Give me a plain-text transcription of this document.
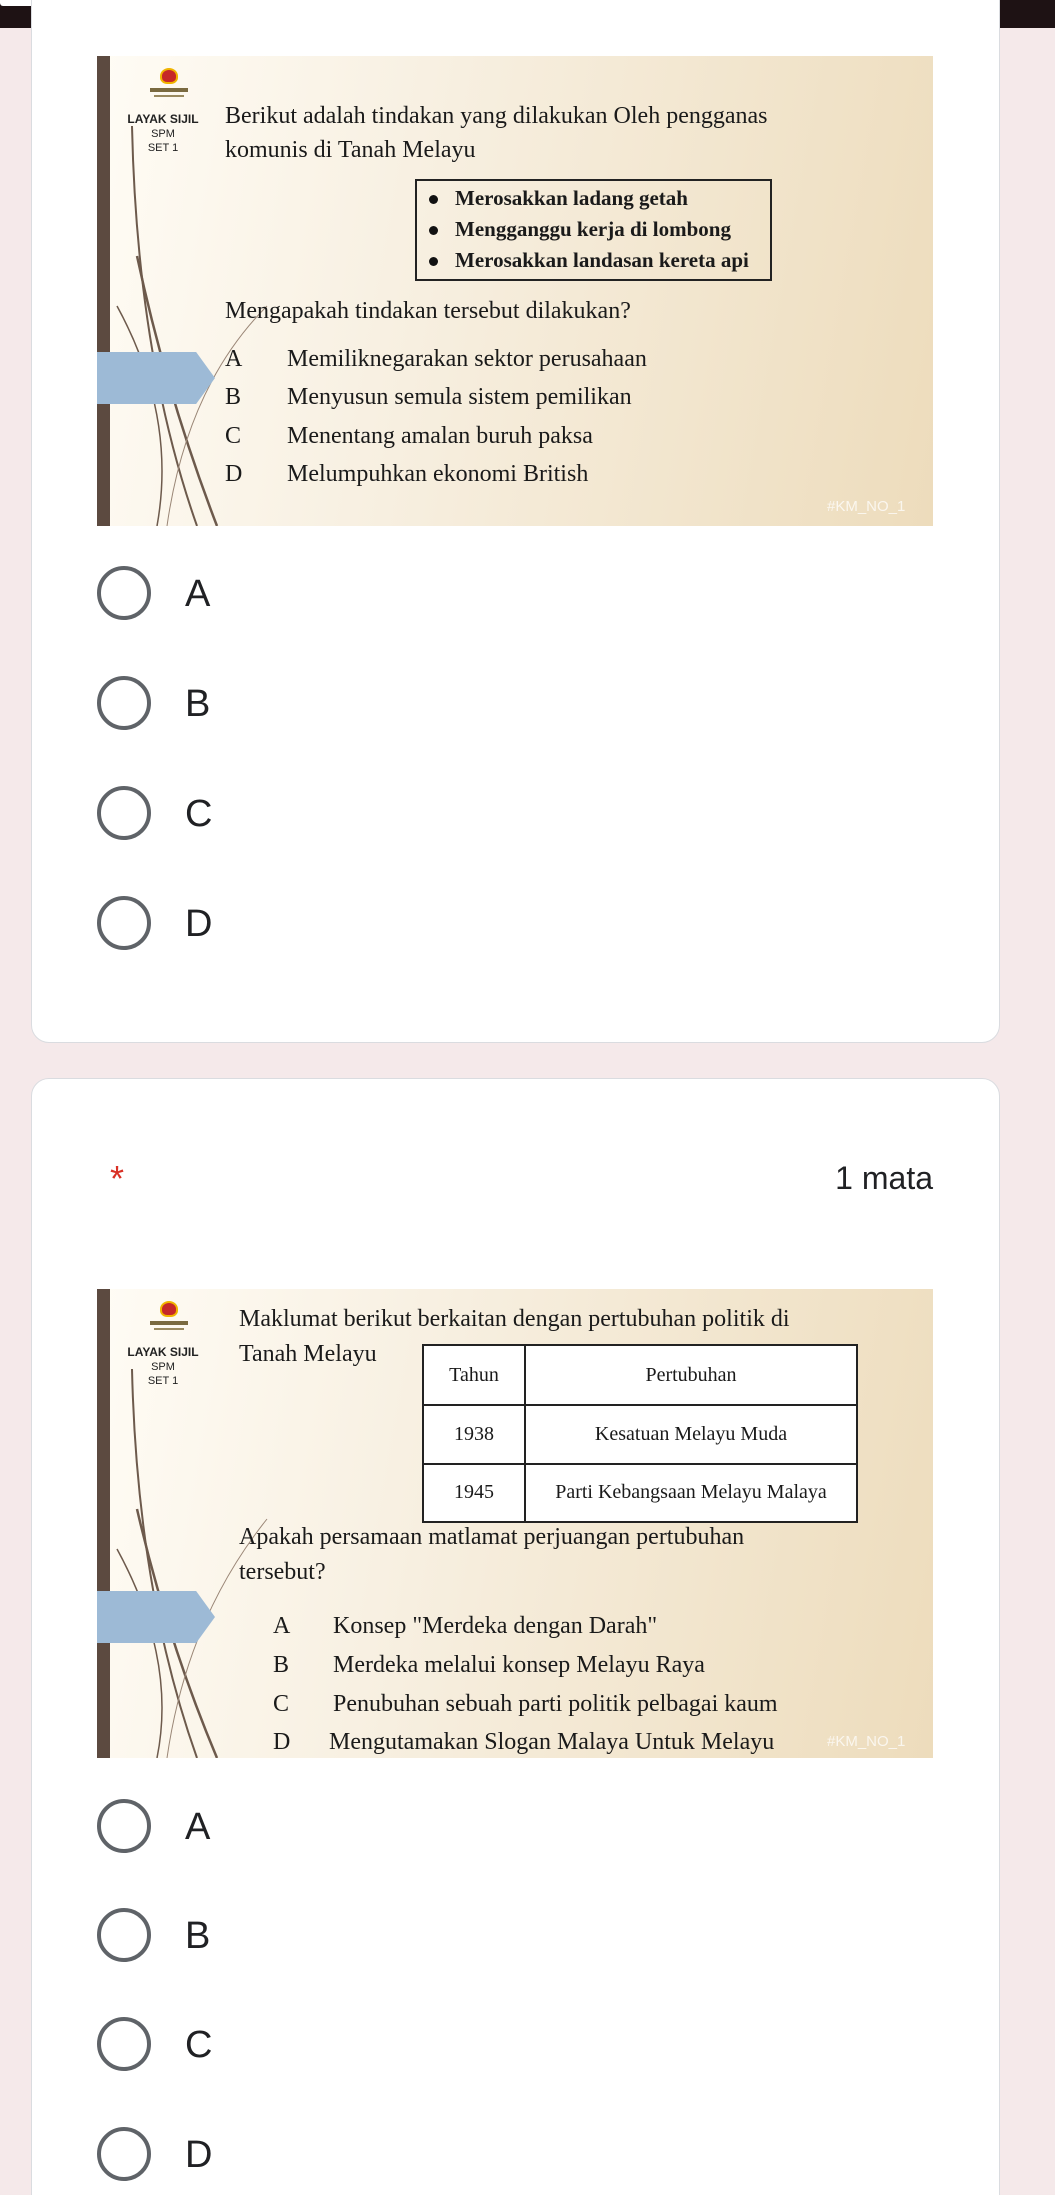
LAYAK SIJIL
SPM
SET 1
Berikut adalah tindakan yang dilakukan Oleh pengganas
komunis di Tanah Melayu
Merosakkan ladang getah
Mengganggu kerja di lombong
Merosakkan landasan kereta api
Mengapakah tindakan tersebut dilakukan?
A Memiliknegarakan sektor perusahaan
B Menyusun semula sistem pemilikan
C Menentang amalan buruh paksa
D Melumpuhkan ekonomi British
#KM_NO_1
A
B
C
D
*	1 mata
LAYAK SIJIL
SPM
SET 1
Maklumat berikut berkaitan dengan pertubuhan politik di
Tanah Melayu
Tahun	Pertubuhan
1938	Kesatuan Melayu Muda
1945	Parti Kebangsaan Melayu Malaya
Apakah persamaan matlamat perjuangan pertubuhan
tersebut?
A Konsep "Merdeka dengan Darah"
B Merdeka melalui konsep Melayu Raya
C Penubuhan sebuah parti politik pelbagai kaum
D Mengutamakan Slogan Malaya Untuk Melayu	#KM_NO_1
A
B
C
D
